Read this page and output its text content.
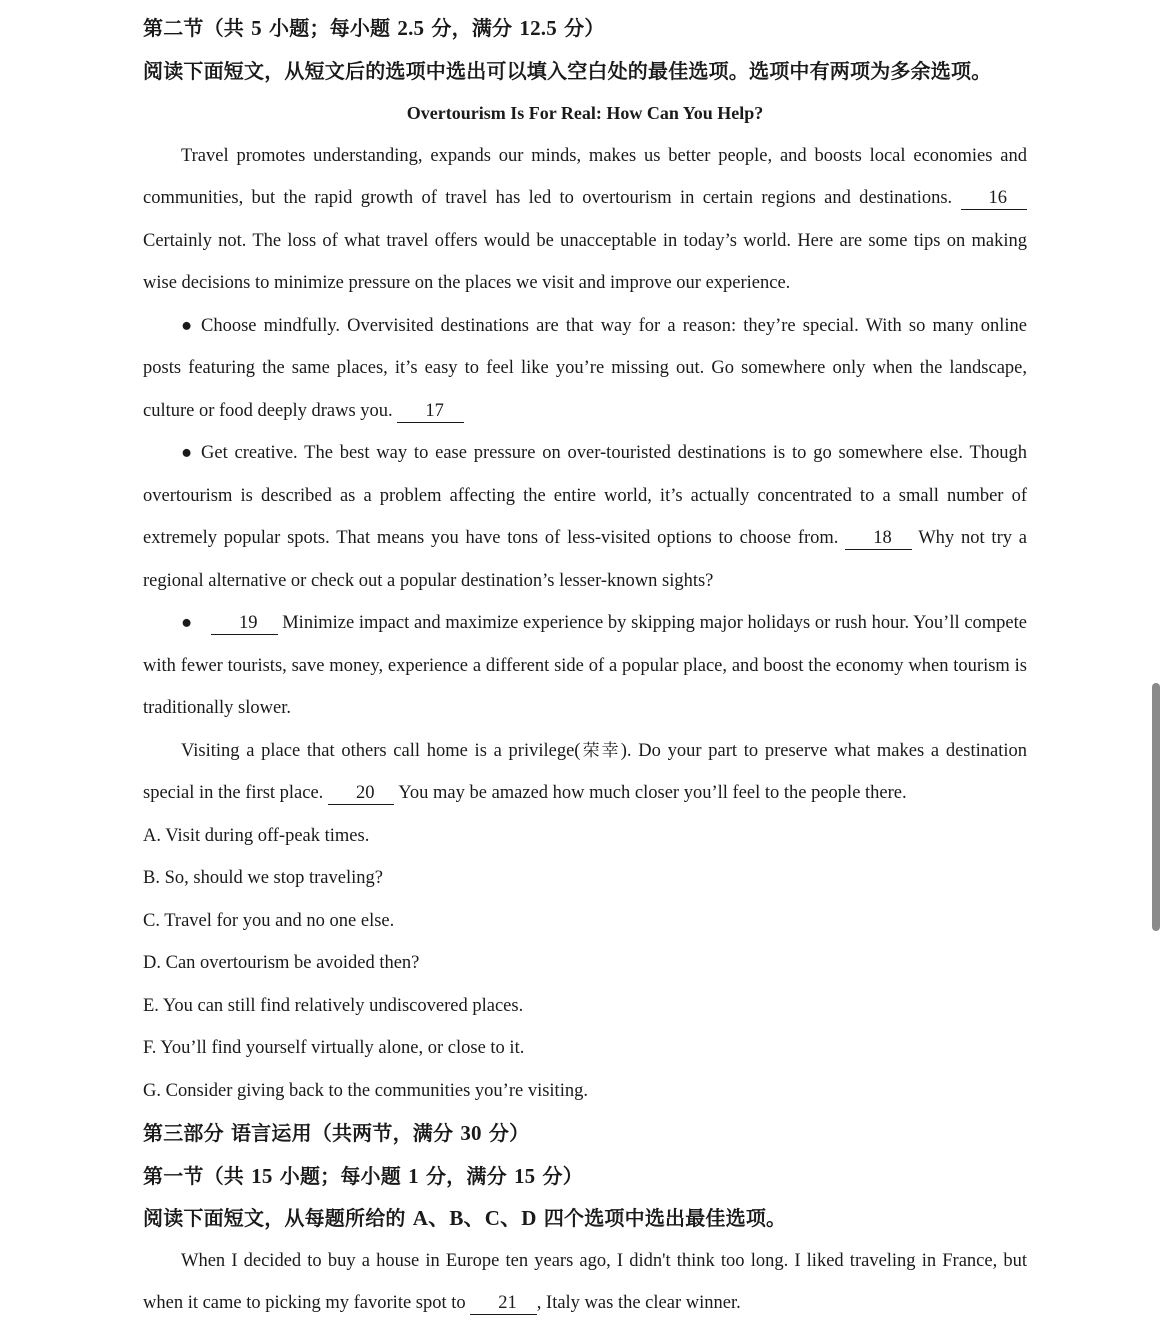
第二节（共 5 小题；每小题 2.5 分，满分 12.5 分）
阅读下面短文，从短文后的选项中选出可以填入空白处的最佳选项。选项中有两项为多余选项。
Overtourism Is For Real: How Can You Help?

Travel promotes understanding, expands our minds, makes us better people, and boosts local economies and communities, but the rapid growth of travel has led to overtourism in certain regions and destinations. 16 Certainly not. The loss of what travel offers would be unacceptable in today’s world. Here are some tips on making wise decisions to minimize pressure on the places we visit and improve our experience.

● Choose mindfully. Overvisited destinations are that way for a reason: they’re special. With so many online posts featuring the same places, it’s easy to feel like you’re missing out. Go somewhere only when the landscape, culture or food deeply draws you. 17

● Get creative. The best way to ease pressure on over-touristed destinations is to go somewhere else. Though overtourism is described as a problem affecting the entire world, it’s actually concentrated to a small number of extremely popular spots. That means you have tons of less-visited options to choose from. 18 Why not try a regional alternative or check out a popular destination’s lesser-known sights?

●	19 Minimize impact and maximize experience by skipping major holidays or rush hour. You’ll compete with fewer tourists, save money, experience a different side of a popular place, and boost the economy when tourism is traditionally slower.

Visiting a place that others call home is a privilege(荣幸). Do your part to preserve what makes a destination special in the first place. 20 You may be amazed how much closer you’ll feel to the people there.

A. Visit during off-peak times.
B. So, should we stop traveling?
C. Travel for you and no one else.
D. Can overtourism be avoided then?
E. You can still find relatively undiscovered places.
F. You’ll find yourself virtually alone, or close to it.
G. Consider giving back to the communities you’re visiting.
第三部分 语言运用（共两节，满分 30 分）
第一节（共 15 小题；每小题 1 分，满分 15 分）
阅读下面短文，从每题所给的 A、B、C、D 四个选项中选出最佳选项。

When I decided to buy a house in Europe ten years ago, I didn't think too long. I liked traveling in France, but when it came to picking my favorite spot to 21 , Italy was the clear winner.
